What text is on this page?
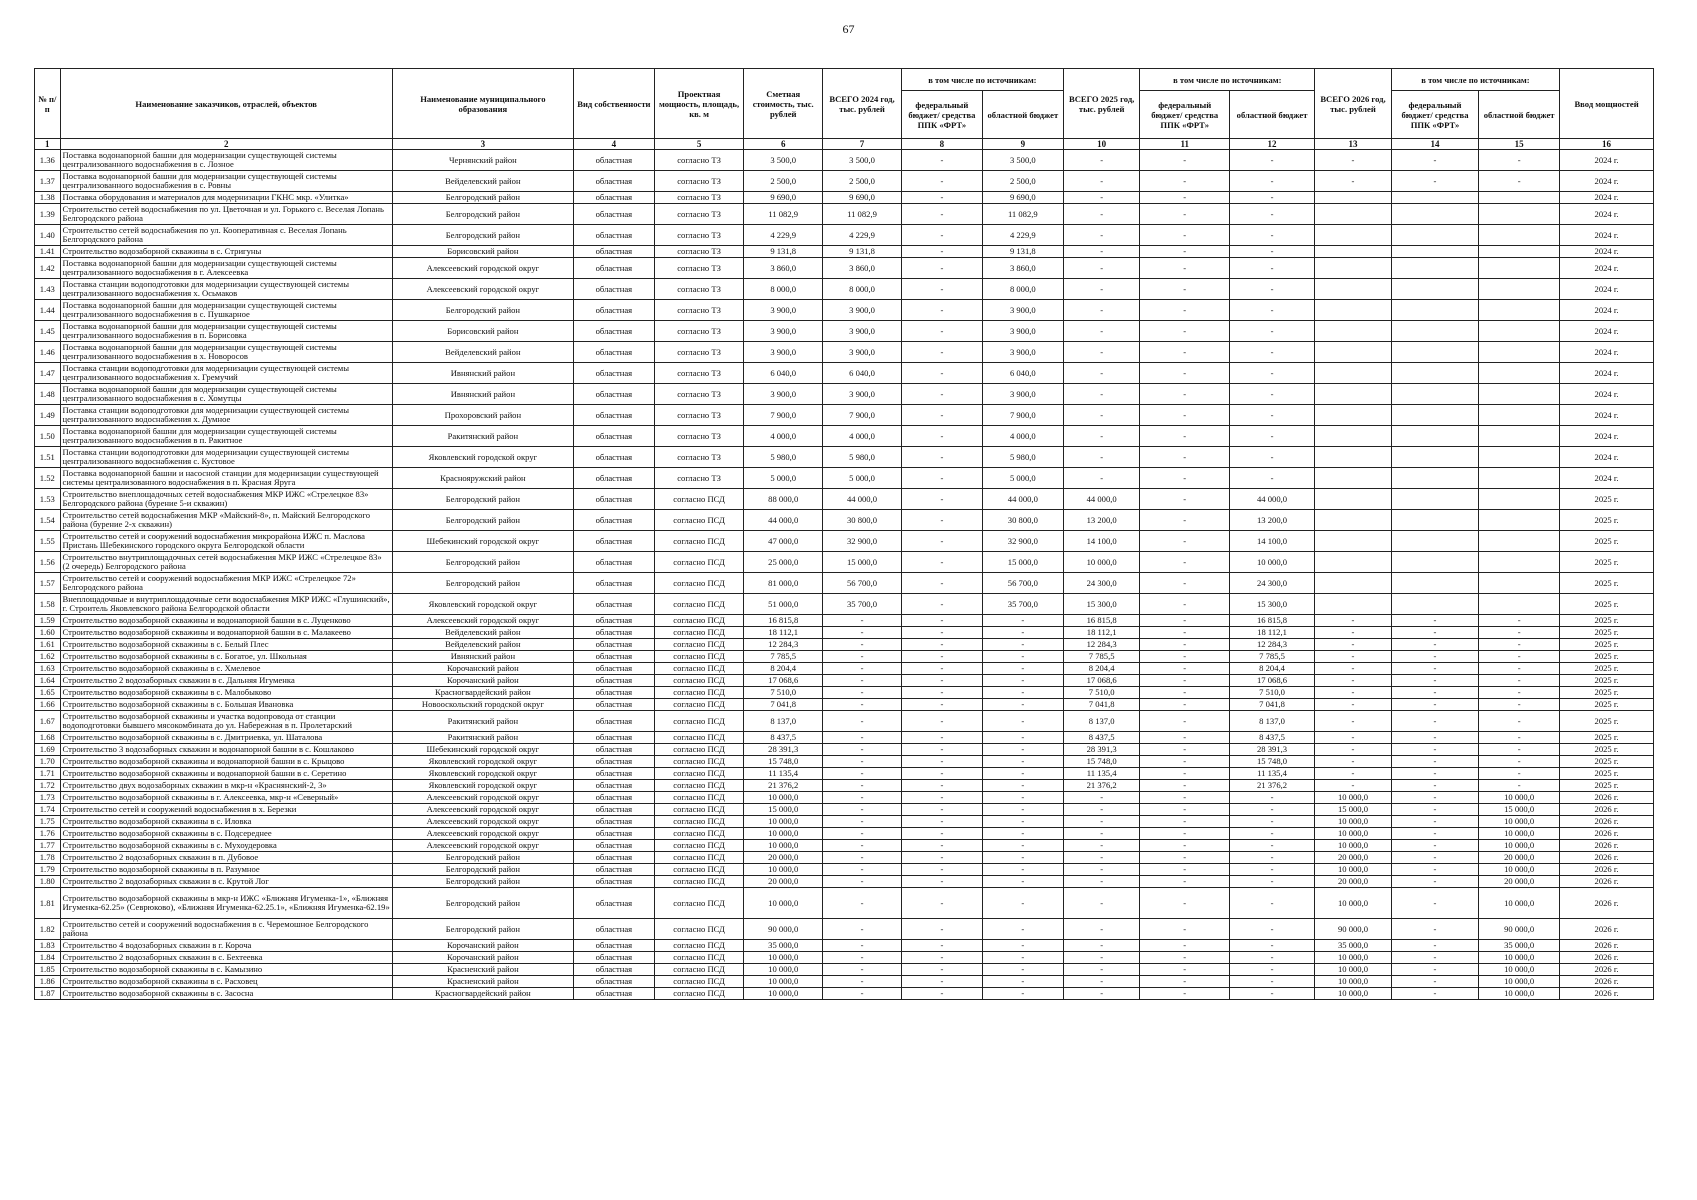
67
№ п/п	Наименование заказчиков, отраслей, объектов	Наименование муниципального образования	Вид собственности	Проектная мощность, площадь, кв. м	Сметная стоимость, тыс. рублей	ВСЕГО 2024 год, тыс. рублей	в том числе по источникам:		ВСЕГО 2025 год, тыс. рублей	в том числе по источникам:		ВСЕГО 2026 год, тыс. рублей	в том числе по источникам:		Ввод мощностей
							федеральный бюджет/ средства ППК «ФРТ»	областной бюджет		федеральный бюджет/ средства ППК «ФРТ»	областной бюджет		федеральный бюджет/ средства ППК «ФРТ»	областной бюджет	
1	2	3	4	5	6	7	8	9	10	11	12	13	14	15	16
1.36	Поставка водонапорной башни для модернизации существующей системы централизованного водоснабжения в с. Лозное	Чернянский район	областная	согласно ТЗ	3 500,0	3 500,0	-	3 500,0	-	-	-	-	-	-	2024 г.
1.37	Поставка водонапорной башни для модернизации существующей системы централизованного водоснабжения в с. Ровны	Вейделевский район	областная	согласно ТЗ	2 500,0	2 500,0	-	2 500,0	-	-	-	-	-	-	2024 г.
1.38	Поставка оборудования и материалов для модернизации ГКНС мкр. «Улитка»	Белгородский район	областная	согласно ТЗ	9 690,0	9 690,0	-	9 690,0	-	-	-				2024 г.
1.39	Строительство сетей водоснабжения по ул. Цветочная и ул. Горького с. Веселая Лопань Белгородского района	Белгородский район	областная	согласно ТЗ	11 082,9	11 082,9	-	11 082,9	-	-	-				2024 г.
1.40	Строительство сетей водоснабжения по ул. Кооперативная с. Веселая Лопань Белгородского района	Белгородский район	областная	согласно ТЗ	4 229,9	4 229,9	-	4 229,9	-	-	-				2024 г.
1.41	Строительство водозаборной скважины в с. Стригуны	Борисовский район	областная	согласно ТЗ	9 131,8	9 131,8	-	9 131,8	-	-	-				2024 г.
1.42	Поставка водонапорной башни для модернизации существующей системы централизованного водоснабжения в г. Алексеевка	Алексеевский городской округ	областная	согласно ТЗ	3 860,0	3 860,0	-	3 860,0	-	-	-				2024 г.
1.43	Поставка станции водоподготовки для модернизации существующей системы централизованного водоснабжения х. Осьмаков	Алексеевский городской округ	областная	согласно ТЗ	8 000,0	8 000,0	-	8 000,0	-	-	-				2024 г.
1.44	Поставка водонапорной башни для модернизации существующей системы централизованного водоснабжения в с. Пушкарное	Белгородский район	областная	согласно ТЗ	3 900,0	3 900,0	-	3 900,0	-	-	-				2024 г.
1.45	Поставка водонапорной башни для модернизации существующей системы централизованного водоснабжения в п. Борисовка	Борисовский район	областная	согласно ТЗ	3 900,0	3 900,0	-	3 900,0	-	-	-				2024 г.
1.46	Поставка водонапорной башни для модернизации существующей системы централизованного водоснабжения в х. Новоросов	Вейделевский район	областная	согласно ТЗ	3 900,0	3 900,0	-	3 900,0	-	-	-				2024 г.
1.47	Поставка станции водоподготовки для модернизации существующей системы централизованного водоснабжения х. Гремучий	Ивнянский район	областная	согласно ТЗ	6 040,0	6 040,0	-	6 040,0	-	-	-				2024 г.
1.48	Поставка водонапорной башни для модернизации существующей системы централизованного водоснабжения в с. Хомутцы	Ивнянский район	областная	согласно ТЗ	3 900,0	3 900,0	-	3 900,0	-	-	-				2024 г.
1.49	Поставка станции водоподготовки для модернизации существующей системы централизованного водоснабжения х. Думное	Прохоровский район	областная	согласно ТЗ	7 900,0	7 900,0	-	7 900,0	-	-	-				2024 г.
1.50	Поставка водонапорной башни для модернизации существующей системы централизованного водоснабжения в п. Ракитное	Ракитянский район	областная	согласно ТЗ	4 000,0	4 000,0	-	4 000,0	-	-	-				2024 г.
1.51	Поставка станции водоподготовки для модернизации существующей системы централизованного водоснабжения с. Кустовое	Яковлевский городской округ	областная	согласно ТЗ	5 980,0	5 980,0	-	5 980,0	-	-	-				2024 г.
1.52	Поставка водонапорной башни и насосной станции для модернизации существующей системы централизованного водоснабжения в п. Красная Яруга	Краснояружский район	областная	согласно ТЗ	5 000,0	5 000,0	-	5 000,0	-	-	-				2024 г.
1.53	Строительство внеплощадочных сетей водоснабжения МКР ИЖС «Стрелецкое 83» Белгородского района (бурение 5-и скважин)	Белгородский район	областная	согласно ПСД	88 000,0	44 000,0	-	44 000,0	44 000,0	-	44 000,0				2025 г.
1.54	Строительство сетей водоснабжения МКР «Майский-8», п. Майский Белгородского района (бурение 2-х скважин)	Белгородский район	областная	согласно ПСД	44 000,0	30 800,0	-	30 800,0	13 200,0	-	13 200,0				2025 г.
1.55	Строительство сетей и сооружений водоснабжения микрорайона ИЖС п. Маслова Пристань Шебекинского городского округа Белгородской области	Шебекинский городской округ	областная	согласно ПСД	47 000,0	32 900,0	-	32 900,0	14 100,0	-	14 100,0				2025 г.
1.56	Строительство внутриплощадочных сетей водоснабжения МКР ИЖС «Стрелецкое 83» (2 очередь) Белгородского района	Белгородский район	областная	согласно ПСД	25 000,0	15 000,0	-	15 000,0	10 000,0	-	10 000,0				2025 г.
1.57	Строительство сетей и сооружений водоснабжения МКР ИЖС «Стрелецкое 72» Белгородского района	Белгородский район	областная	согласно ПСД	81 000,0	56 700,0	-	56 700,0	24 300,0	-	24 300,0				2025 г.
1.58	Внеплощадочные и внутриплощадочные сети водоснабжения МКР ИЖС «Глушинский», г. Строитель Яковлевского района Белгородской области	Яковлевский городской округ	областная	согласно ПСД	51 000,0	35 700,0	-	35 700,0	15 300,0	-	15 300,0				2025 г.
1.59	Строительство водозаборной скважины и водонапорной башни в с. Луценково	Алексеевский городской округ	областная	согласно ПСД	16 815,8	-	-	-	16 815,8	-	16 815,8	-	-	-	2025 г.
1.60	Строительство водозаборной скважины и водонапорной башни в с. Малакеево	Вейделевский район	областная	согласно ПСД	18 112,1	-	-	-	18 112,1	-	18 112,1	-	-	-	2025 г.
1.61	Строительство водозаборной скважины в с. Белый Плес	Вейделевский район	областная	согласно ПСД	12 284,3	-	-	-	12 284,3	-	12 284,3	-	-	-	2025 г.
1.62	Строительство водозаборной скважины в с. Богатое, ул. Школьная	Ивнянский район	областная	согласно ПСД	7 785,5	-	-	-	7 785,5	-	7 785,5	-	-	-	2025 г.
1.63	Строительство водозаборной скважины в с. Хмелевое	Корочанский район	областная	согласно ПСД	8 204,4	-	-	-	8 204,4	-	8 204,4	-	-	-	2025 г.
1.64	Строительство 2 водозаборных скважин в с. Дальняя Игуменка	Корочанский район	областная	согласно ПСД	17 068,6	-	-	-	17 068,6	-	17 068,6	-	-	-	2025 г.
1.65	Строительство водозаборной скважины в с. Малобыково	Красногвардейский район	областная	согласно ПСД	7 510,0	-	-	-	7 510,0	-	7 510,0	-	-	-	2025 г.
1.66	Строительство водозаборной скважины в с. Большая Ивановка	Новооскольский городской округ	областная	согласно ПСД	7 041,8	-	-	-	7 041,8	-	7 041,8	-	-	-	2025 г.
1.67	Строительство водозаборной скважины и участка водопровода от станции водоподготовки бывшего мясокомбината до ул. Набережная в п. Пролетарский	Ракитянский район	областная	согласно ПСД	8 137,0	-	-	-	8 137,0	-	8 137,0	-	-	-	2025 г.
1.68	Строительство водозаборной скважины в с. Дмитриевка, ул. Шаталова	Ракитянский район	областная	согласно ПСД	8 437,5	-	-	-	8 437,5	-	8 437,5	-	-	-	2025 г.
1.69	Строительство 3 водозаборных скважин и водонапорной башни в с. Кошлаково	Шебекинский городской округ	областная	согласно ПСД	28 391,3	-	-	-	28 391,3	-	28 391,3	-	-	-	2025 г.
1.70	Строительство водозаборной скважины и водонапорной башни в с. Крыцово	Яковлевский городской округ	областная	согласно ПСД	15 748,0	-	-	-	15 748,0	-	15 748,0	-	-	-	2025 г.
1.71	Строительство водозаборной скважины и водонапорной башни в с. Серетино	Яковлевский городской округ	областная	согласно ПСД	11 135,4	-	-	-	11 135,4	-	11 135,4	-	-	-	2025 г.
1.72	Строительство двух водозаборных скважин в мкр-н «Краснянский-2, 3»	Яковлевский городской округ	областная	согласно ПСД	21 376,2	-	-	-	21 376,2	-	21 376,2	-	-	-	2025 г.
1.73	Строительство водозаборной скважины в г. Алексеевка, мкр-н «Северный»	Алексеевский городской округ	областная	согласно ПСД	10 000,0	-	-	-	-	-	-	10 000,0	-	10 000,0	2026 г.
1.74	Строительство сетей и сооружений водоснабжения в х. Березки	Алексеевский городской округ	областная	согласно ПСД	15 000,0	-	-	-	-	-	-	15 000,0	-	15 000,0	2026 г.
1.75	Строительство водозаборной скважины в с. Иловка	Алексеевский городской округ	областная	согласно ПСД	10 000,0	-	-	-	-	-	-	10 000,0	-	10 000,0	2026 г.
1.76	Строительство водозаборной скважины в с. Подсереднее	Алексеевский городской округ	областная	согласно ПСД	10 000,0	-	-	-	-	-	-	10 000,0	-	10 000,0	2026 г.
1.77	Строительство водозаборной скважины в с. Мухоудеровка	Алексеевский городской округ	областная	согласно ПСД	10 000,0	-	-	-	-	-	-	10 000,0	-	10 000,0	2026 г.
1.78	Строительство 2 водозаборных скважин в п. Дубовое	Белгородский район	областная	согласно ПСД	20 000,0	-	-	-	-	-	-	20 000,0	-	20 000,0	2026 г.
1.79	Строительство водозаборной скважины в п. Разумное	Белгородский район	областная	согласно ПСД	10 000,0	-	-	-	-	-	-	10 000,0	-	10 000,0	2026 г.
1.80	Строительство 2 водозаборных скважин в с. Крутой Лог	Белгородский район	областная	согласно ПСД	20 000,0	-	-	-	-	-	-	20 000,0	-	20 000,0	2026 г.
1.81	Строительство водозаборной скважины в мкр-н ИЖС «Ближняя Игуменка-1», «Ближняя Игуменка-62.25» (Севрюково), «Ближняя Игуменка-62.25.1», «Ближняя Игуменка-62.19»	Белгородский район	областная	согласно ПСД	10 000,0	-	-	-	-	-	-	10 000,0	-	10 000,0	2026 г.
1.82	Строительство сетей и сооружений водоснабжения в с. Черемошное Белгородского района	Белгородский район	областная	согласно ПСД	90 000,0	-	-	-	-	-	-	90 000,0	-	90 000,0	2026 г.
1.83	Строительство 4 водозаборных скважин в г. Короча	Корочанский район	областная	согласно ПСД	35 000,0	-	-	-	-	-	-	35 000,0	-	35 000,0	2026 г.
1.84	Строительство 2 водозаборных скважин в с. Бехтеевка	Корочанский район	областная	согласно ПСД	10 000,0	-	-	-	-	-	-	10 000,0	-	10 000,0	2026 г.
1.85	Строительство водозаборной скважины в с. Камызино	Красненский район	областная	согласно ПСД	10 000,0	-	-	-	-	-	-	10 000,0	-	10 000,0	2026 г.
1.86	Строительство водозаборной скважины в с. Расховец	Красненский район	областная	согласно ПСД	10 000,0	-	-	-	-	-	-	10 000,0	-	10 000,0	2026 г.
1.87	Строительство водозаборной скважины в с. Засосна	Красногвардейский район	областная	согласно ПСД	10 000,0	-	-	-	-	-	-	10 000,0	-	10 000,0	2026 г.
